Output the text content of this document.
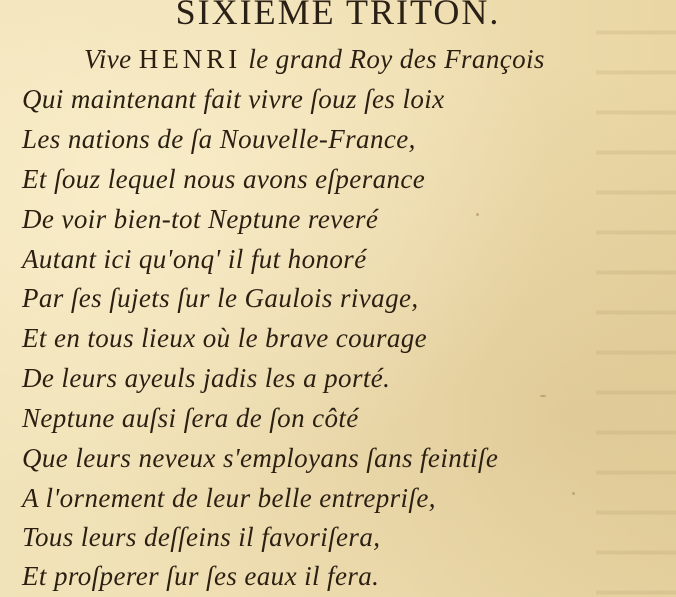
SIXIEME TRITON.
Vive HENRI le grand Roy des François
Qui maintenant fait vivre ſouz ſes loix
Les nations de ſa Nouvelle-France,
Et ſouz lequel nous avons eſperance
De voir bien-tot Neptune reveré
Autant ici qu'onq' il fut honoré
Par ſes ſujets ſur le Gaulois rivage,
Et en tous lieux où le brave courage
De leurs ayeuls jadis les a porté.
Neptune auſsi ſera de ſon côté
Que leurs neveux s'employans ſans feintiſe
A l'ornement de leur belle entrepriſe,
Tous leurs deſſeins il favoriſera,
Et proſperer ſur ſes eaux il fera.
